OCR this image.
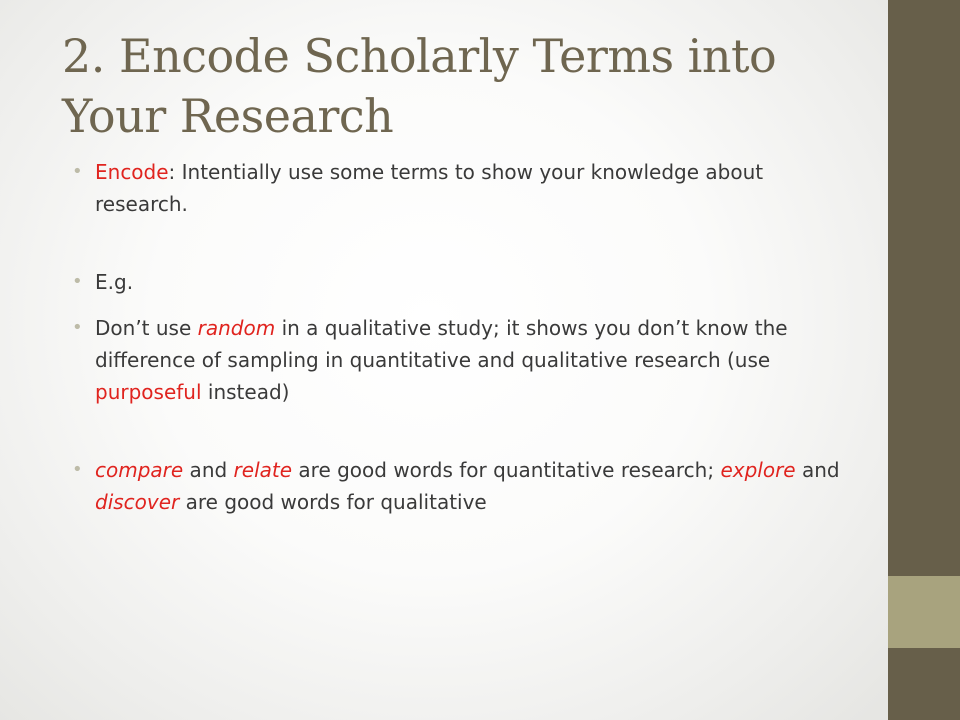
2. Encode Scholarly Terms into Your Research
• Encode: Intentially use some terms to show your knowledge about research.
• E.g.
• Don’t use random in a qualitative study; it shows you don’t know the difference of sampling in quantitative and qualitative research (use purposeful instead)
• compare and relate are good words for quantitative research; explore and discover are good words for qualitative
